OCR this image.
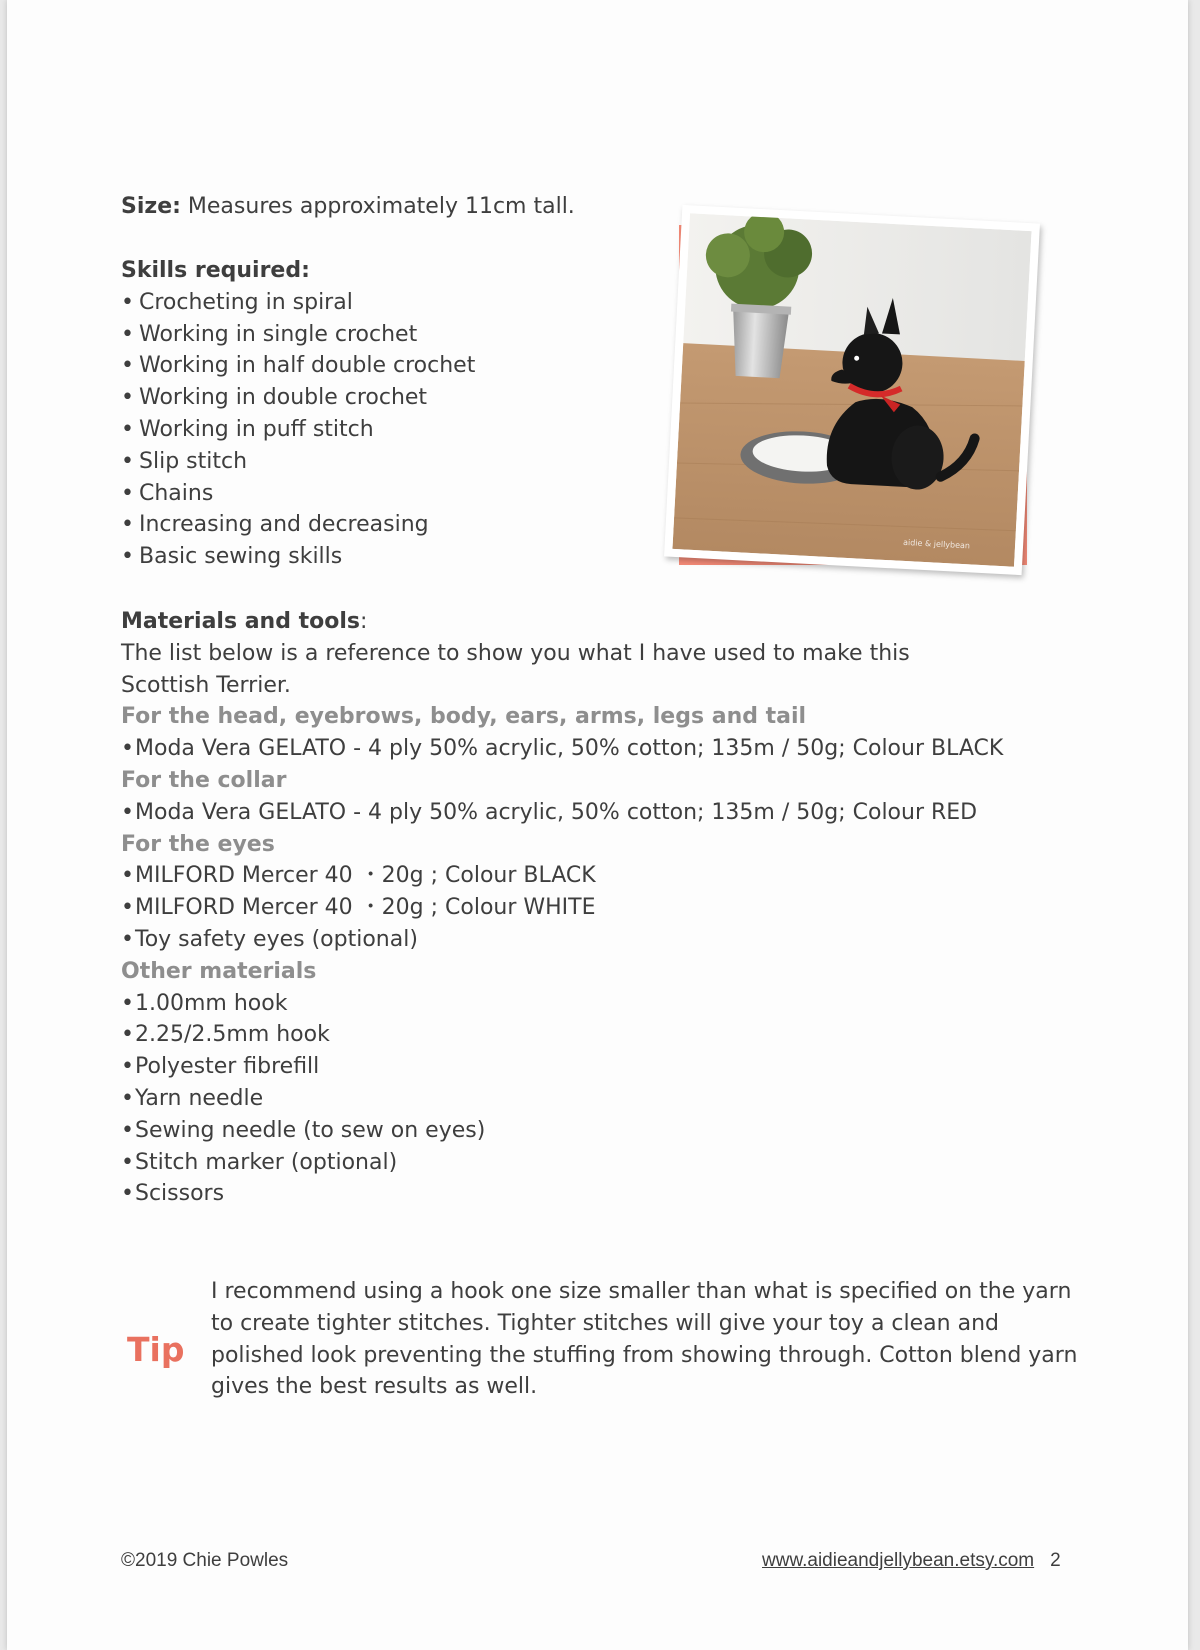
Size: Measures approximately 11cm tall.
Skills required:
• Crocheting in spiral
• Working in single crochet
• Working in half double crochet
• Working in double crochet
• Working in puff stitch
• Slip stitch
• Chains
• Increasing and decreasing
• Basic sewing skills
aidie & jellybean
Materials and tools:
The list below is a reference to show you what I have used to make this Scottish Terrier.
For the head, eyebrows, body, ears, arms, legs and tail
• Moda Vera GELATO - 4 ply 50% acrylic, 50% cotton; 135m / 50g; Colour BLACK
For the collar
• Moda Vera GELATO - 4 ply 50% acrylic, 50% cotton; 135m / 50g; Colour RED
For the eyes
• MILFORD Mercer 40 ・20g ; Colour BLACK
• MILFORD Mercer 40 ・20g ; Colour WHITE
• Toy safety eyes (optional)
Other materials
• 1.00mm hook
• 2.25/2.5mm hook
• Polyester fibrefill
• Yarn needle
• Sewing needle (to sew on eyes)
• Stitch marker (optional)
• Scissors
Tip
I recommend using a hook one size smaller than what is specified on the yarn to create tighter stitches. Tighter stitches will give your toy a clean and polished look preventing the stuffing from showing through. Cotton blend yarn gives the best results as well.
©2019 Chie Powles	www.aidieandjellybean.etsy.com 2
